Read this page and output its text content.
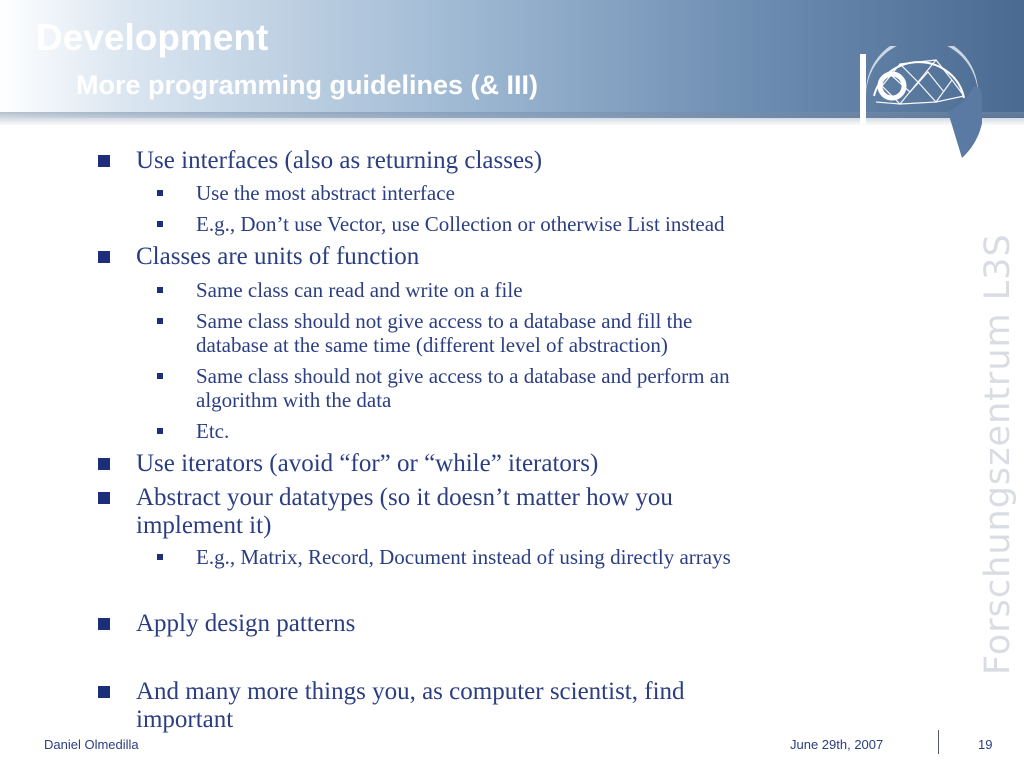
Development
More programming guidelines (& III)
Forschungszentrum L3S
Use interfaces (also as returning classes)
Use the most abstract interface
E.g., Don’t use Vector, use Collection or otherwise List instead
Classes are units of function
Same class can read and write on a file
Same class should not give access to a database and fill the
database at the same time (different level of abstraction)
Same class should not give access to a database and perform an
algorithm with the data
Etc.
Use iterators (avoid “for” or “while” iterators)
Abstract your datatypes (so it doesn’t matter how you
implement it)
E.g., Matrix, Record, Document instead of using directly arrays
Apply design patterns
And many more things you, as computer scientist, find
important
Daniel Olmedilla	June 29th, 2007	19
